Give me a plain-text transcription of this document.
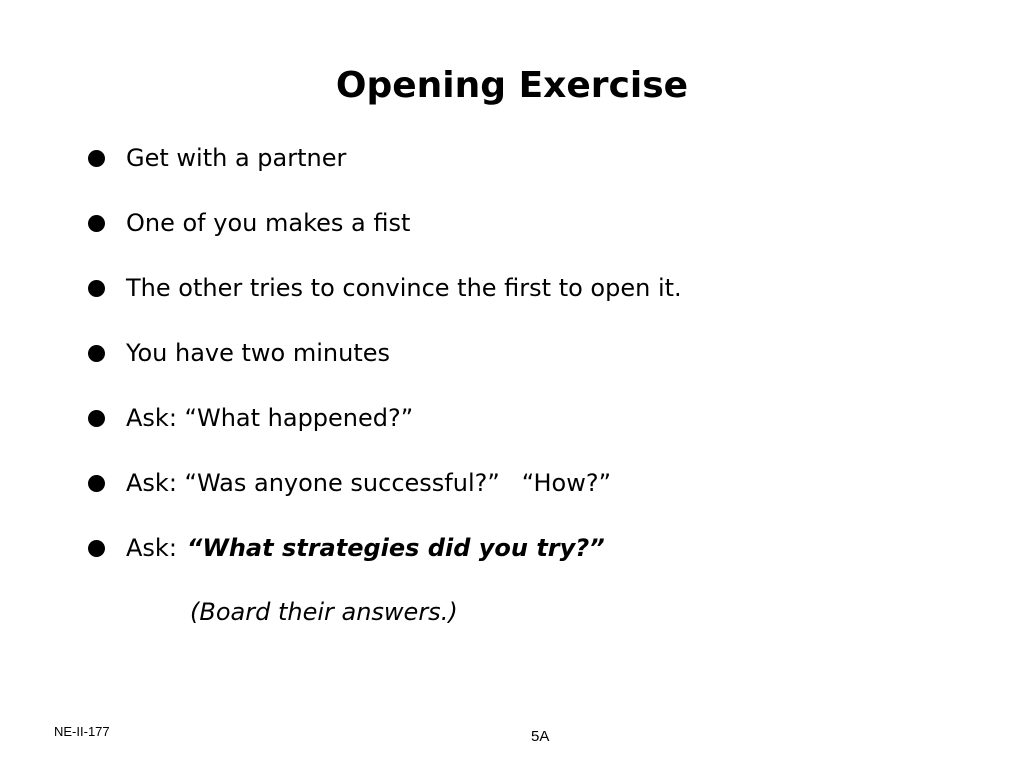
Opening Exercise
Get with a partner
One of you makes a fist
The other tries to convince the first to open it.
You have two minutes
Ask: “What happened?”
Ask: “Was anyone successful?” “How?”
Ask: “What strategies did you try?”
(Board their answers.)
NE-II-177	5A
